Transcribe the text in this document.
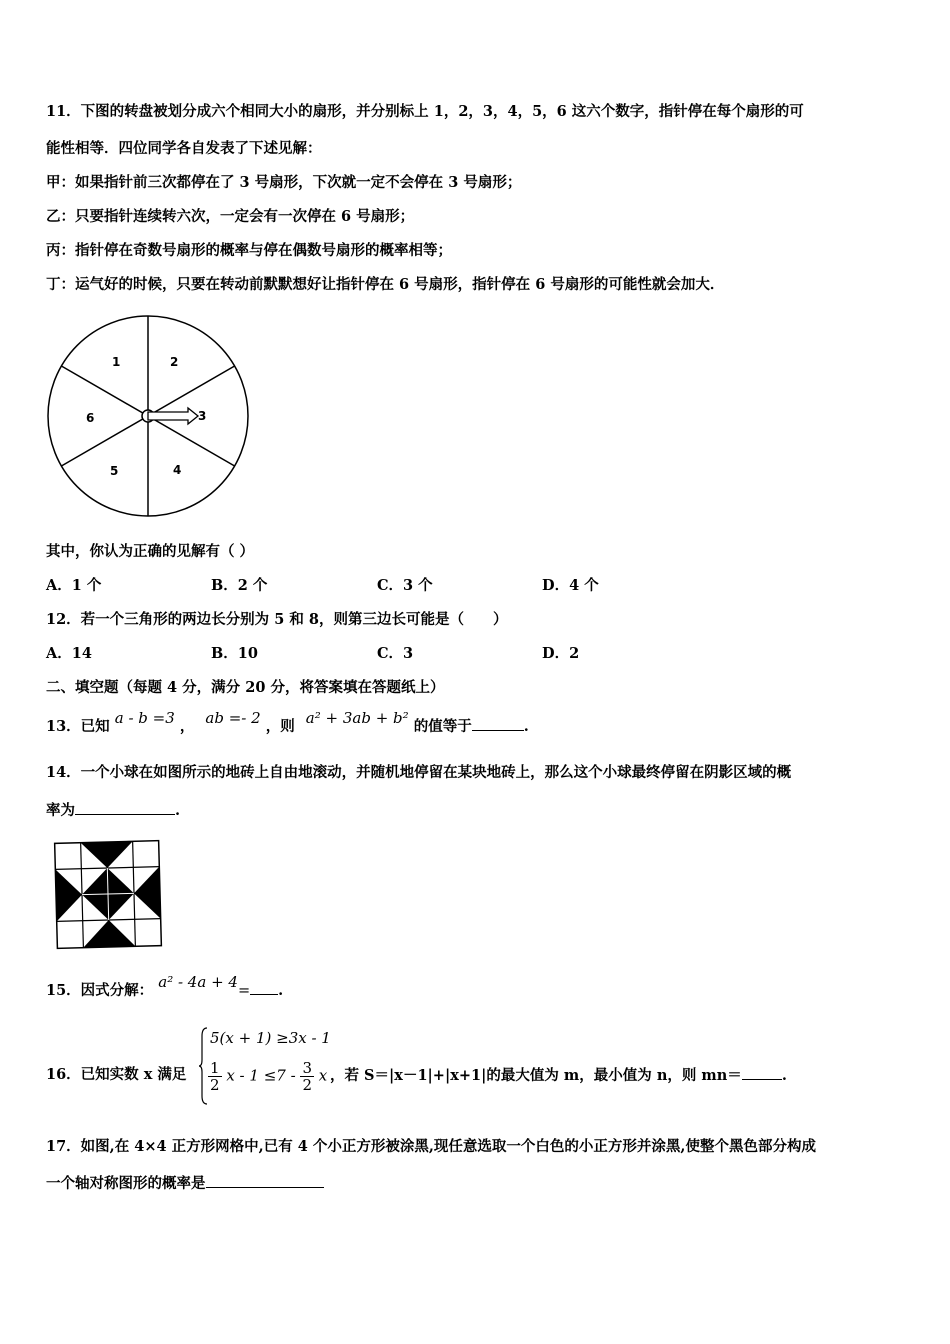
11．下图的转盘被划分成六个相同大小的扇形，并分别标上 1，2，3，4，5，6 这六个数字，指针停在每个扇形的可
能性相等．四位同学各自发表了下述见解：
甲：如果指针前三次都停在了 3 号扇形，下次就一定不会停在 3 号扇形；
乙：只要指针连续转六次，一定会有一次停在 6 号扇形；
丙：指针停在奇数号扇形的概率与停在偶数号扇形的概率相等；
丁：运气好的时候，只要在转动前默默想好让指针停在 6 号扇形，指针停在 6 号扇形的可能性就会加大．
1	2
3
4
5
6
其中，你认为正确的见解有（ ）
A．1 个	B．2 个	C．3 个	D．4 个
12．若一个三角形的两边长分别为 5 和 8，则第三边长可能是（　　）
A．14	B．10	C．3	D．2
二、填空题（每题 4 分，满分 20 分，将答案填在答题纸上）
13．已知 a - b =3 ， ab =- 2 ，则 a² + 3ab + b² 的值等于	.
14．一个小球在如图所示的地砖上自由地滚动，并随机地停留在某块地砖上，那么这个小球最终停留在阴影区域的概
率为	.
15．因式分解： a² - 4a + 4= .
16．已知实数 x 满足
5(x + 1) ≥3x - 1
$\frac{1}{2}$ $x - 1 \le 7 - \frac{3}{2}$ x ，若 S＝|x－1|+|x+1|的最大值为 m，最小值为 n，则 mn＝	.
17．如图,在 4×4 正方形网格中,已有 4 个小正方形被涂黑,现任意选取一个白色的小正方形并涂黑,使整个黑色部分构成
一个轴对称图形的概率是
